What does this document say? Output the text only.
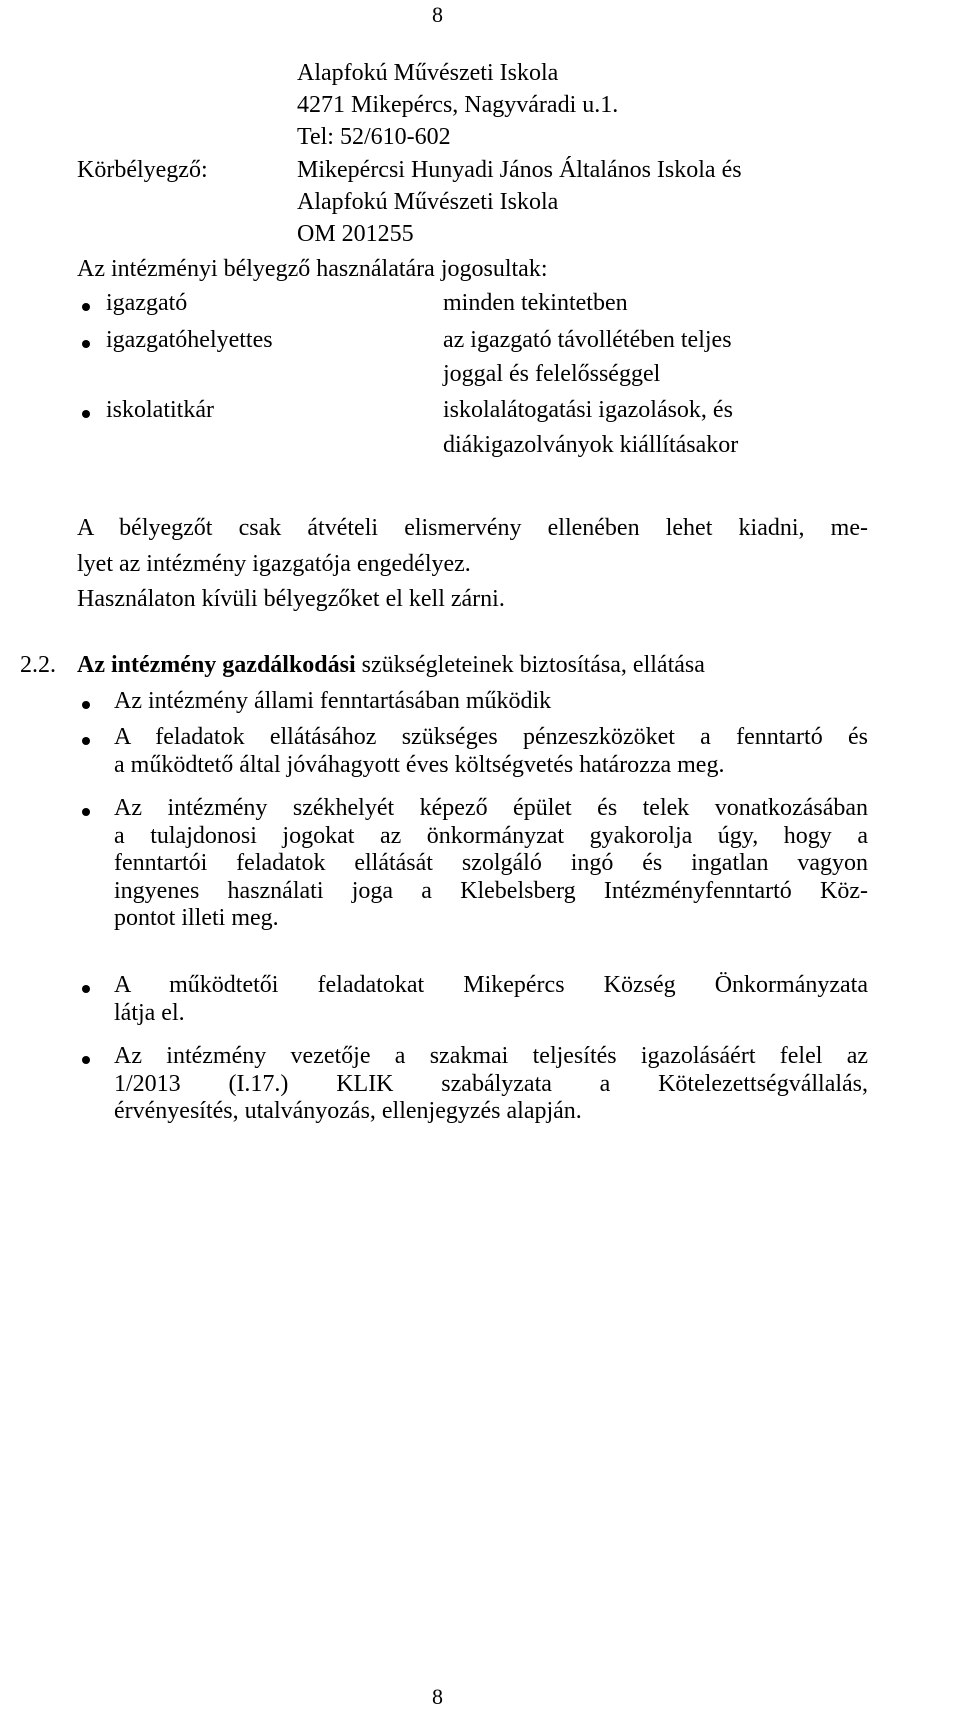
8
Alapfokú Művészeti Iskola
4271 Mikepércs, Nagyváradi u.1.
Tel: 52/610-602
Körbélyegző:	Mikepércsi Hunyadi János Általános Iskola és
Alapfokú Művészeti Iskola
OM 201255
Az intézményi bélyegző használatára jogosultak:
igazgató	minden tekintetben
igazgatóhelyettes	az igazgató távollétében teljes
joggal és felelősséggel
iskolatitkár	iskolalátogatási igazolások, és
diákigazolványok kiállításakor
A bélyegzőt csak átvételi elismervény ellenében lehet kiadni, me-
lyet az intézmény igazgatója engedélyez.
Használaton kívüli bélyegzőket el kell zárni.
2.2. Az intézmény gazdálkodási szükségleteinek biztosítása, ellátása
Az intézmény állami fenntartásában működik
A feladatok ellátásához szükséges pénzeszközöket a fenntartó és
a működtető által jóváhagyott éves költségvetés határozza meg.
Az intézmény székhelyét képező épület és telek vonatkozásában
a tulajdonosi jogokat az önkormányzat gyakorolja úgy, hogy a
fenntartói feladatok ellátását szolgáló ingó és ingatlan vagyon
ingyenes használati joga a Klebelsberg Intézményfenntartó Köz-
pontot illeti meg.
A működtetői feladatokat Mikepércs Község Önkormányzata
látja el.
Az intézmény vezetője a szakmai teljesítés igazolásáért felel az
1/2013 (I.17.) KLIK szabályzata a Kötelezettségvállalás,
érvényesítés, utalványozás, ellenjegyzés alapján.
8
